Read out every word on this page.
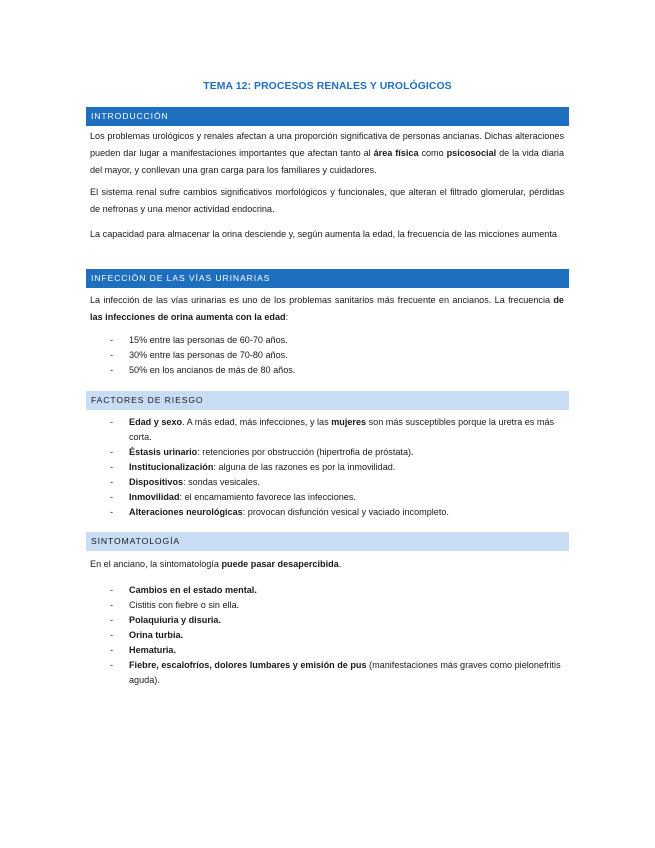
TEMA 12: PROCESOS RENALES Y UROLÓGICOS
INTRODUCCIÓN

Los problemas urológicos y renales afectan a una proporción significativa de personas ancianas. Dichas alteraciones pueden dar lugar a manifestaciones importantes que afectan tanto al área física como psicosocial de la vida diaria del mayor, y conllevan una gran carga para los familiares y cuidadores.

El sistema renal sufre cambios significativos morfológicos y funcionales, que alteran el filtrado glomerular, pérdidas de nefronas y una menor actividad endocrina.

La capacidad para almacenar la orina desciende y, según aumenta la edad, la frecuencia de las micciones aumenta

INFECCIÓN DE LAS VÍAS URINARIAS

La infección de las vías urinarias es uno de los problemas sanitarios más frecuente en ancianos. La frecuencia de las infecciones de orina aumenta con la edad:

- 15% entre las personas de 60-70 años.
- 30% entre las personas de 70-80 años.
- 50% en los ancianos de más de 80 años.
FACTORES DE RIESGO
- Edad y sexo. A más edad, más infecciones, y las mujeres son más susceptibles porque la uretra es más corta.
- Éstasis urinario: retenciones por obstrucción (hipertrofia de próstata).
- Institucionalización: alguna de las razones es por la inmovilidad.
- Dispositivos: sondas vesicales.
- Inmovilidad: el encamamiento favorece las infecciones.
- Alteraciones neurológicas: provocan disfunción vesical y vaciado incompleto.
SINTOMATOLOGÍA

En el anciano, la sintomatología puede pasar desapercibida.

- Cambios en el estado mental.
- Cistitis con fiebre o sin ella.
- Polaquiuria y disuria.
- Orina turbia.
- Hematuria.
- Fiebre, escalofríos, dolores lumbares y emisión de pus (manifestaciones más graves como pielonefritis aguda).
